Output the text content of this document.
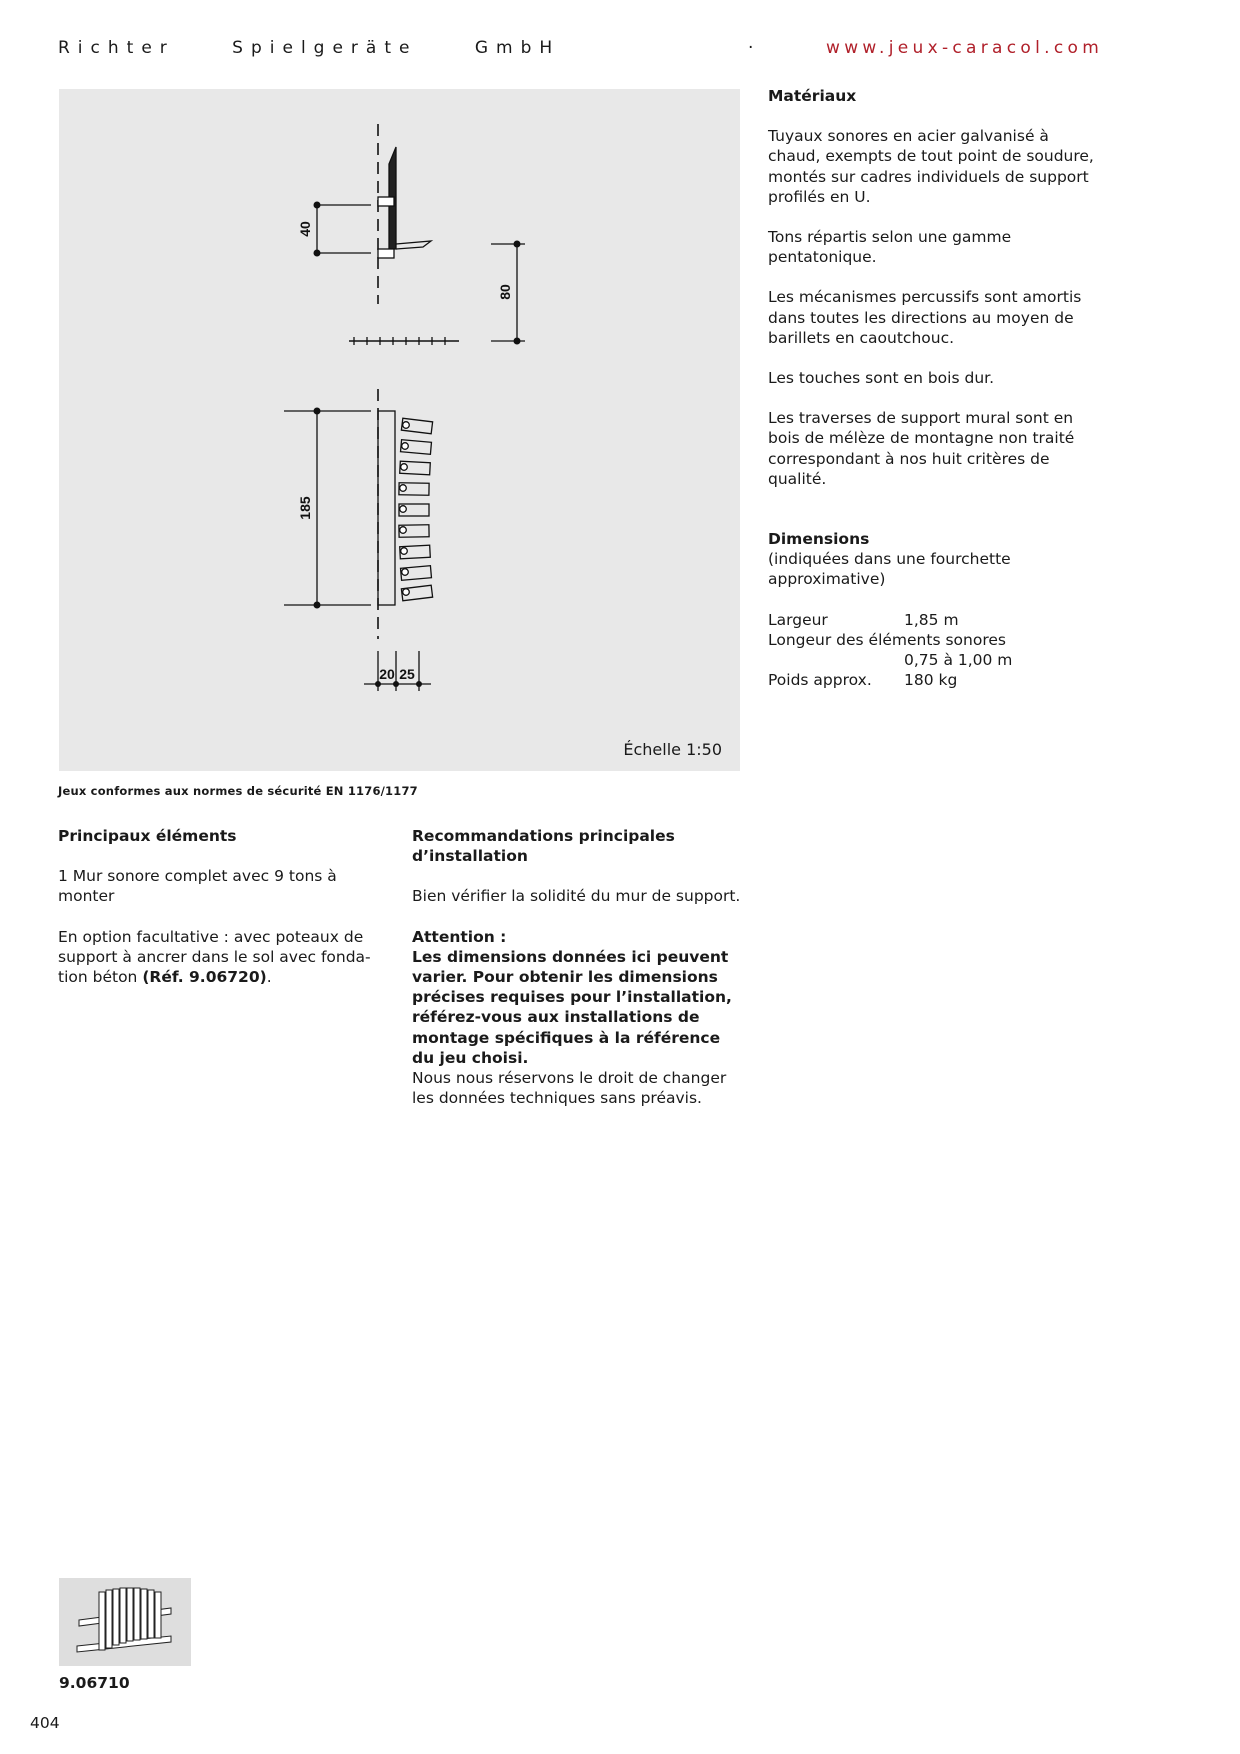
Richter Spielgeräte GmbH	·	www.jeux-caracol.com
40
80
185
20 25
Échelle 1:50
Jeux conformes aux normes de sécurité EN 1176/1177
Matériaux

Tuyaux sonores en acier galvanisé à chaud, exempts de tout point de soudure, montés sur cadres individuels de support profilés en U.

Tons répartis selon une gamme pentatonique.

Les mécanismes percussifs sont amortis dans toutes les directions au moyen de barillets en caoutchouc.

Les touches sont en bois dur.

Les traverses de support mural sont en bois de mélèze de montagne non traité correspondant à nos huit critères de qualité.

Dimensions

(indiquées dans une fourchette approximative)

Largeur	1,85 m
Longeur des éléments sonores
0,75 à 1,00 m
Poids approx. 180 kg
Principaux éléments

1 Mur sonore complet avec 9 tons à monter

En option facultative : avec poteaux de support à ancrer dans le sol avec fonda-tion béton (Réf. 9.06720).

Recommandations principales d’installation

Bien vérifier la solidité du mur de support.

Attention :

Les dimensions données ici peuvent varier. Pour obtenir les dimensions précises requises pour l’installation, référez-vous aux installations de montage spécifiques à la référence du jeu choisi.

Nous nous réservons le droit de changer les données techniques sans préavis.

9.06710
404
